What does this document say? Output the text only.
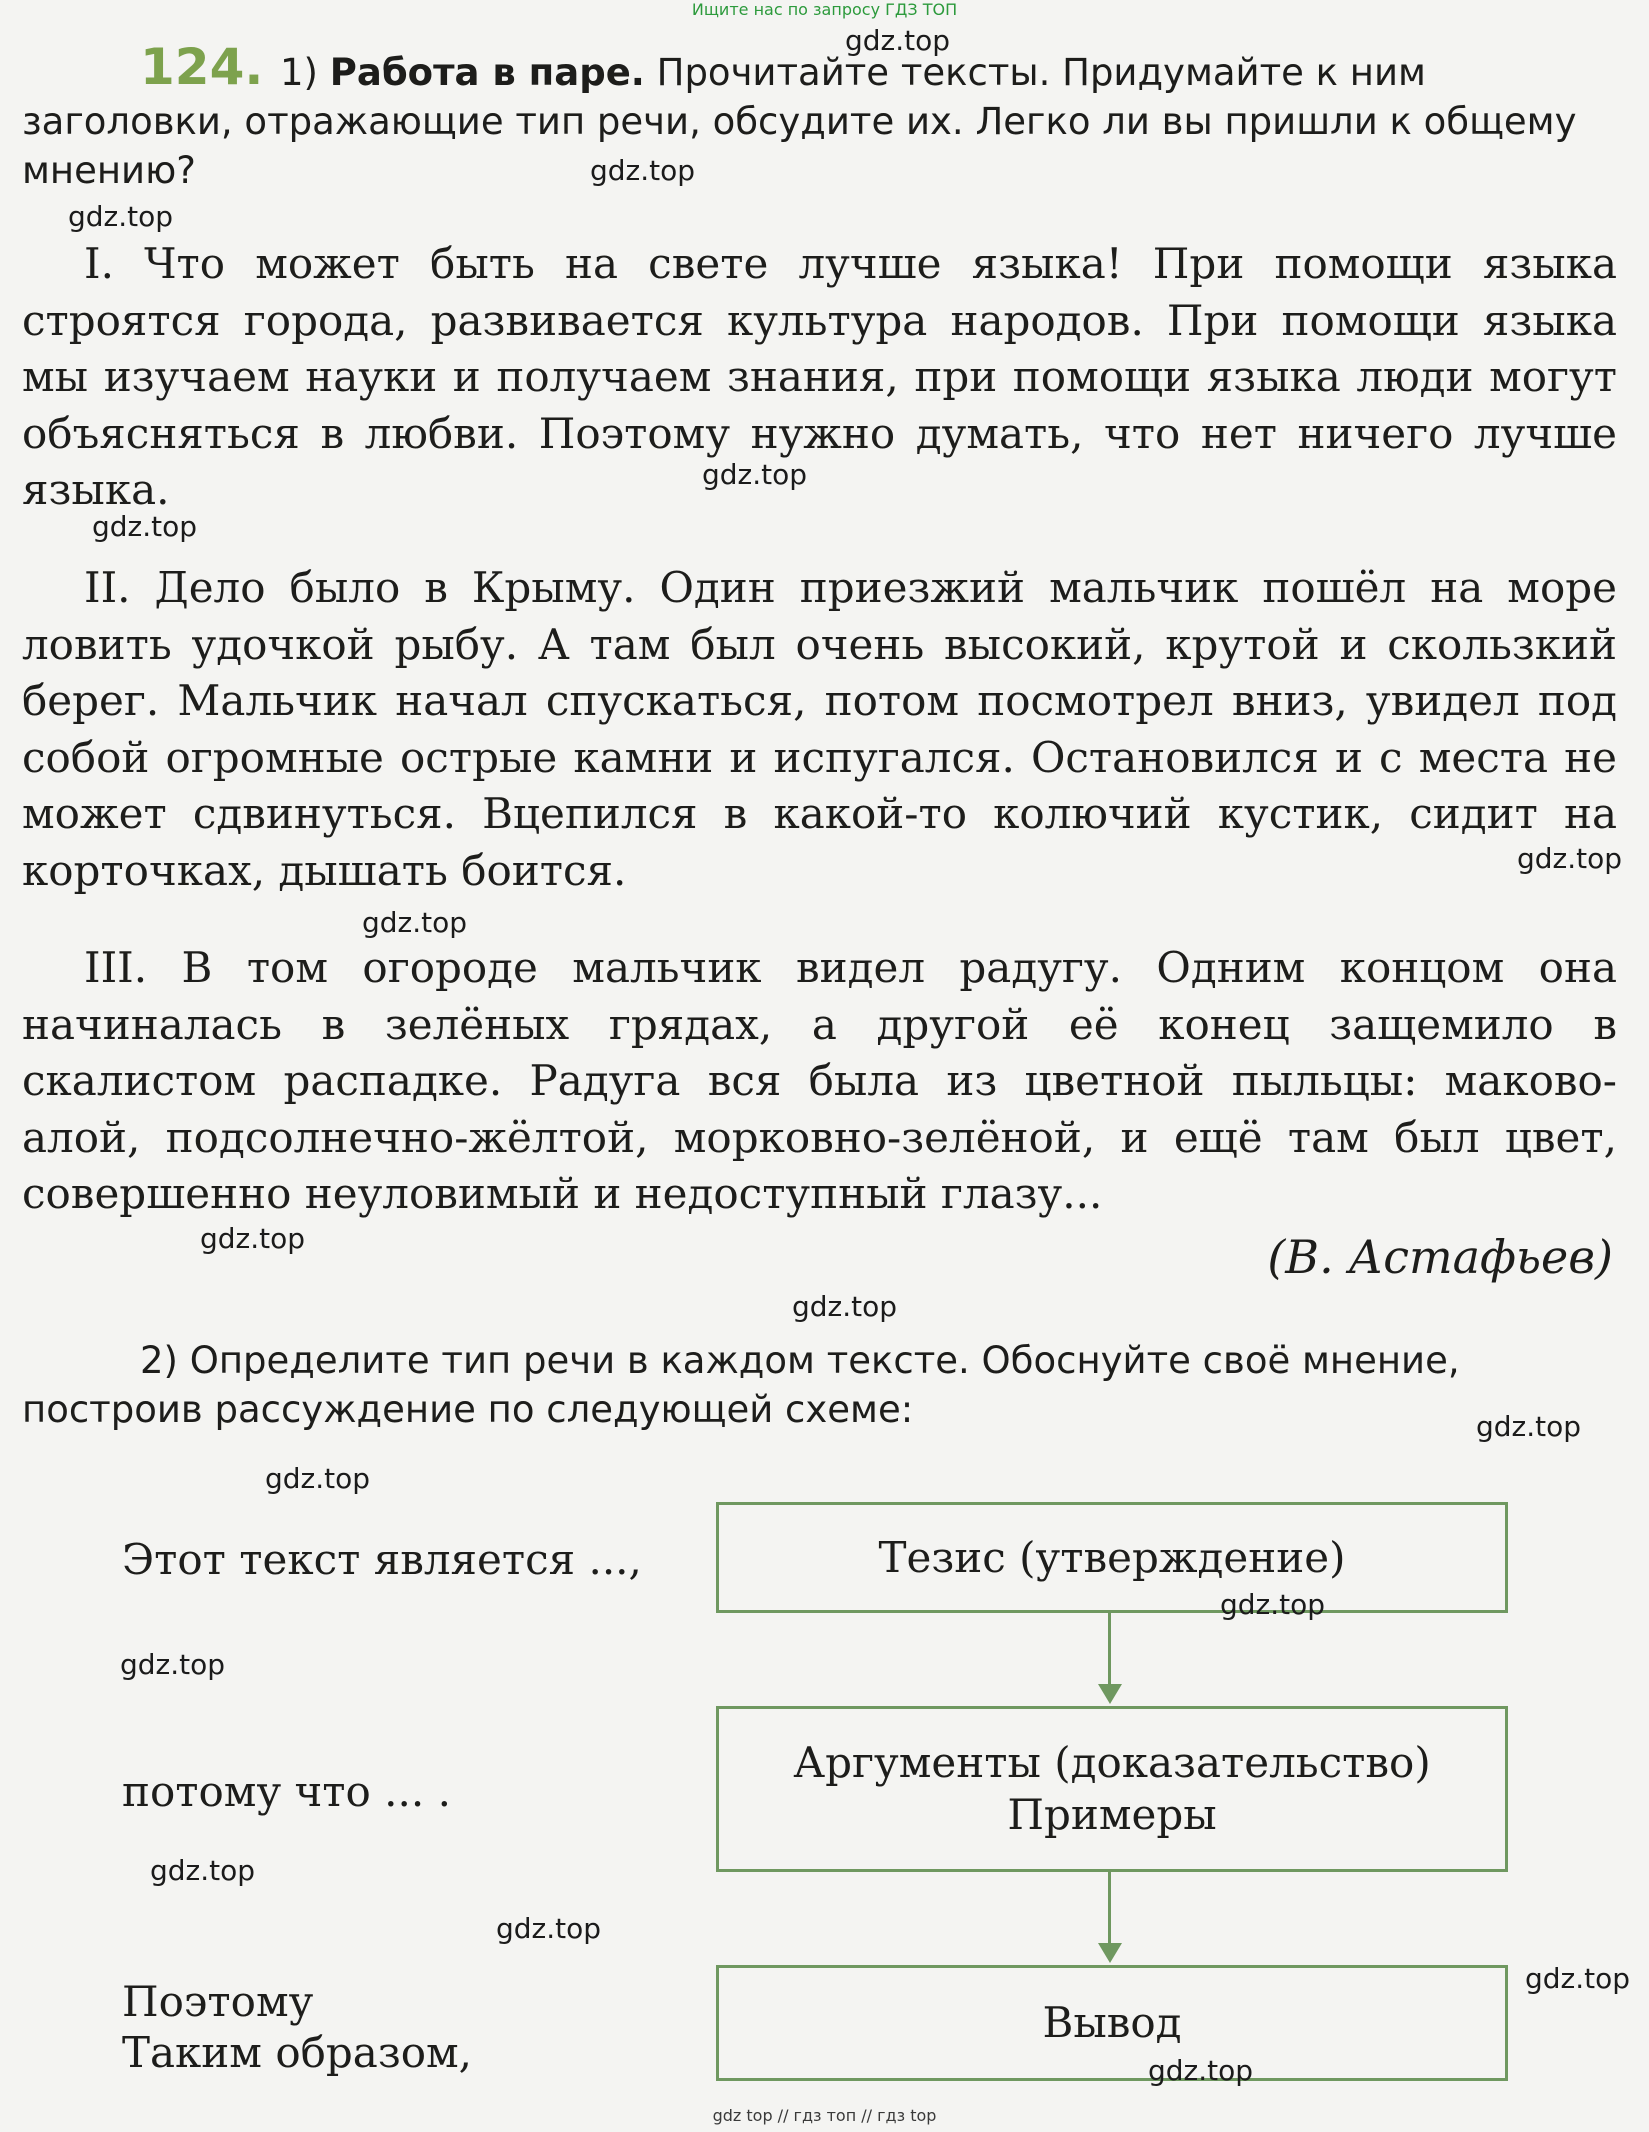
Ищите нас по запросу ГДЗ ТОП
gdz top // гдз топ // гдз top
124. 1) Работа в паре. Прочитайте тексты. Придумайте к ним заголовки, отражающие тип речи, обсудите их. Легко ли вы пришли к общему мнению?

I. Что может быть на свете лучше языка! При помощи языка строятся города, развивается культура народов. При помощи языка мы изучаем науки и получаем знания, при помощи языка люди могут объясняться в любви. Поэтому нужно думать, что нет ничего лучше языка.

II. Дело было в Крыму. Один приезжий мальчик пошёл на море ловить удочкой рыбу. А там был очень высокий, крутой и скользкий берег. Мальчик начал спускаться, потом посмотрел вниз, увидел под собой огромные острые камни и испугался. Остановился и с места не может сдвинуться. Вцепился в какой-то колючий кустик, сидит на корточках, дышать боится.

III. В том огороде мальчик видел радугу. Одним концом она начиналась в зелёных грядах, а другой её конец защемило в скалистом распадке. Радуга вся была из цветной пыльцы: маково-алой, подсолнечно-жёлтой, морковно-зелёной, и ещё там был цвет, совершенно неуловимый и недоступный глазу...

(В. Астафьев)
2) Определите тип речи в каждом тексте. Обоснуйте своё мнение, построив рассуждение по следующей схеме:
Этот текст является ...,
потому что ... .
Поэтому
Таким образом,
Тезис (утверждение)
Аргументы (доказательство)
Примеры
Вывод
gdz.top
gdz.top
gdz.top
gdz.top
gdz.top
gdz.top
gdz.top
gdz.top
gdz.top
gdz.top
gdz.top
gdz.top
gdz.top
gdz.top
gdz.top
gdz.top
gdz.top
